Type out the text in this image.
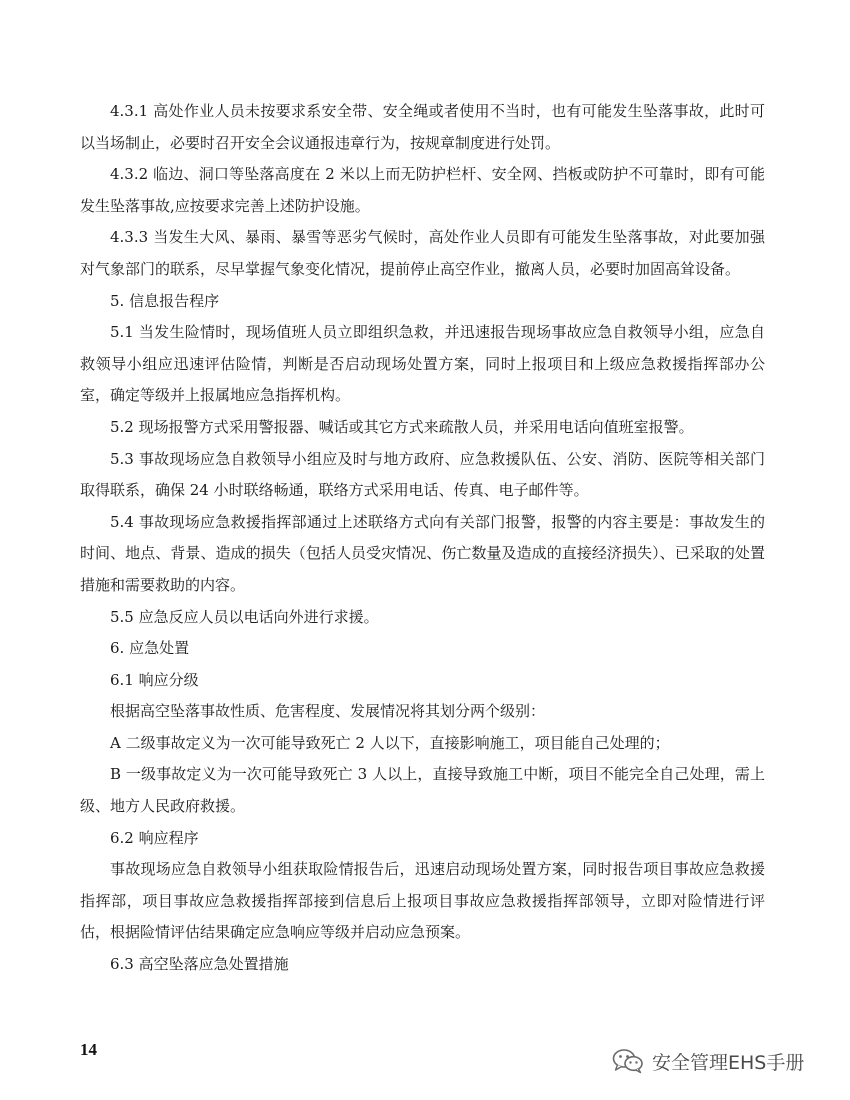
4.3.1 高处作业人员未按要求系安全带、安全绳或者使用不当时，也有可能发生坠落事故，此时可以当场制止，必要时召开安全会议通报违章行为，按规章制度进行处罚。

4.3.2 临边、洞口等坠落高度在 2 米以上而无防护栏杆、安全网、挡板或防护不可靠时，即有可能发生坠落事故,应按要求完善上述防护设施。

4.3.3 当发生大风、暴雨、暴雪等恶劣气候时，高处作业人员即有可能发生坠落事故，对此要加强对气象部门的联系，尽早掌握气象变化情况，提前停止高空作业，撤离人员，必要时加固高耸设备。

5. 信息报告程序

5.1 当发生险情时，现场值班人员立即组织急救，并迅速报告现场事故应急自救领导小组，应急自救领导小组应迅速评估险情，判断是否启动现场处置方案，同时上报项目和上级应急救援指挥部办公室，确定等级并上报属地应急指挥机构。

5.2 现场报警方式采用警报器、喊话或其它方式来疏散人员，并采用电话向值班室报警。

5.3 事故现场应急自救领导小组应及时与地方政府、应急救援队伍、公安、消防、医院等相关部门取得联系，确保 24 小时联络畅通，联络方式采用电话、传真、电子邮件等。

5.4 事故现场应急救援指挥部通过上述联络方式向有关部门报警，报警的内容主要是：事故发生的时间、地点、背景、造成的损失（包括人员受灾情况、伤亡数量及造成的直接经济损失）、已采取的处置措施和需要救助的内容。

5.5 应急反应人员以电话向外进行求援。

6. 应急处置

6.1 响应分级

根据高空坠落事故性质、危害程度、发展情况将其划分两个级别：

A 二级事故定义为一次可能导致死亡 2 人以下，直接影响施工，项目能自己处理的；

B 一级事故定义为一次可能导致死亡 3 人以上，直接导致施工中断，项目不能完全自己处理，需上级、地方人民政府救援。

6.2 响应程序

事故现场应急自救领导小组获取险情报告后，迅速启动现场处置方案，同时报告项目事故应急救援指挥部，项目事故应急救援指挥部接到信息后上报项目事故应急救援指挥部领导，立即对险情进行评估，根据险情评估结果确定应急响应等级并启动应急预案。

6.3 高空坠落应急处置措施

14
安全管理EHS手册
